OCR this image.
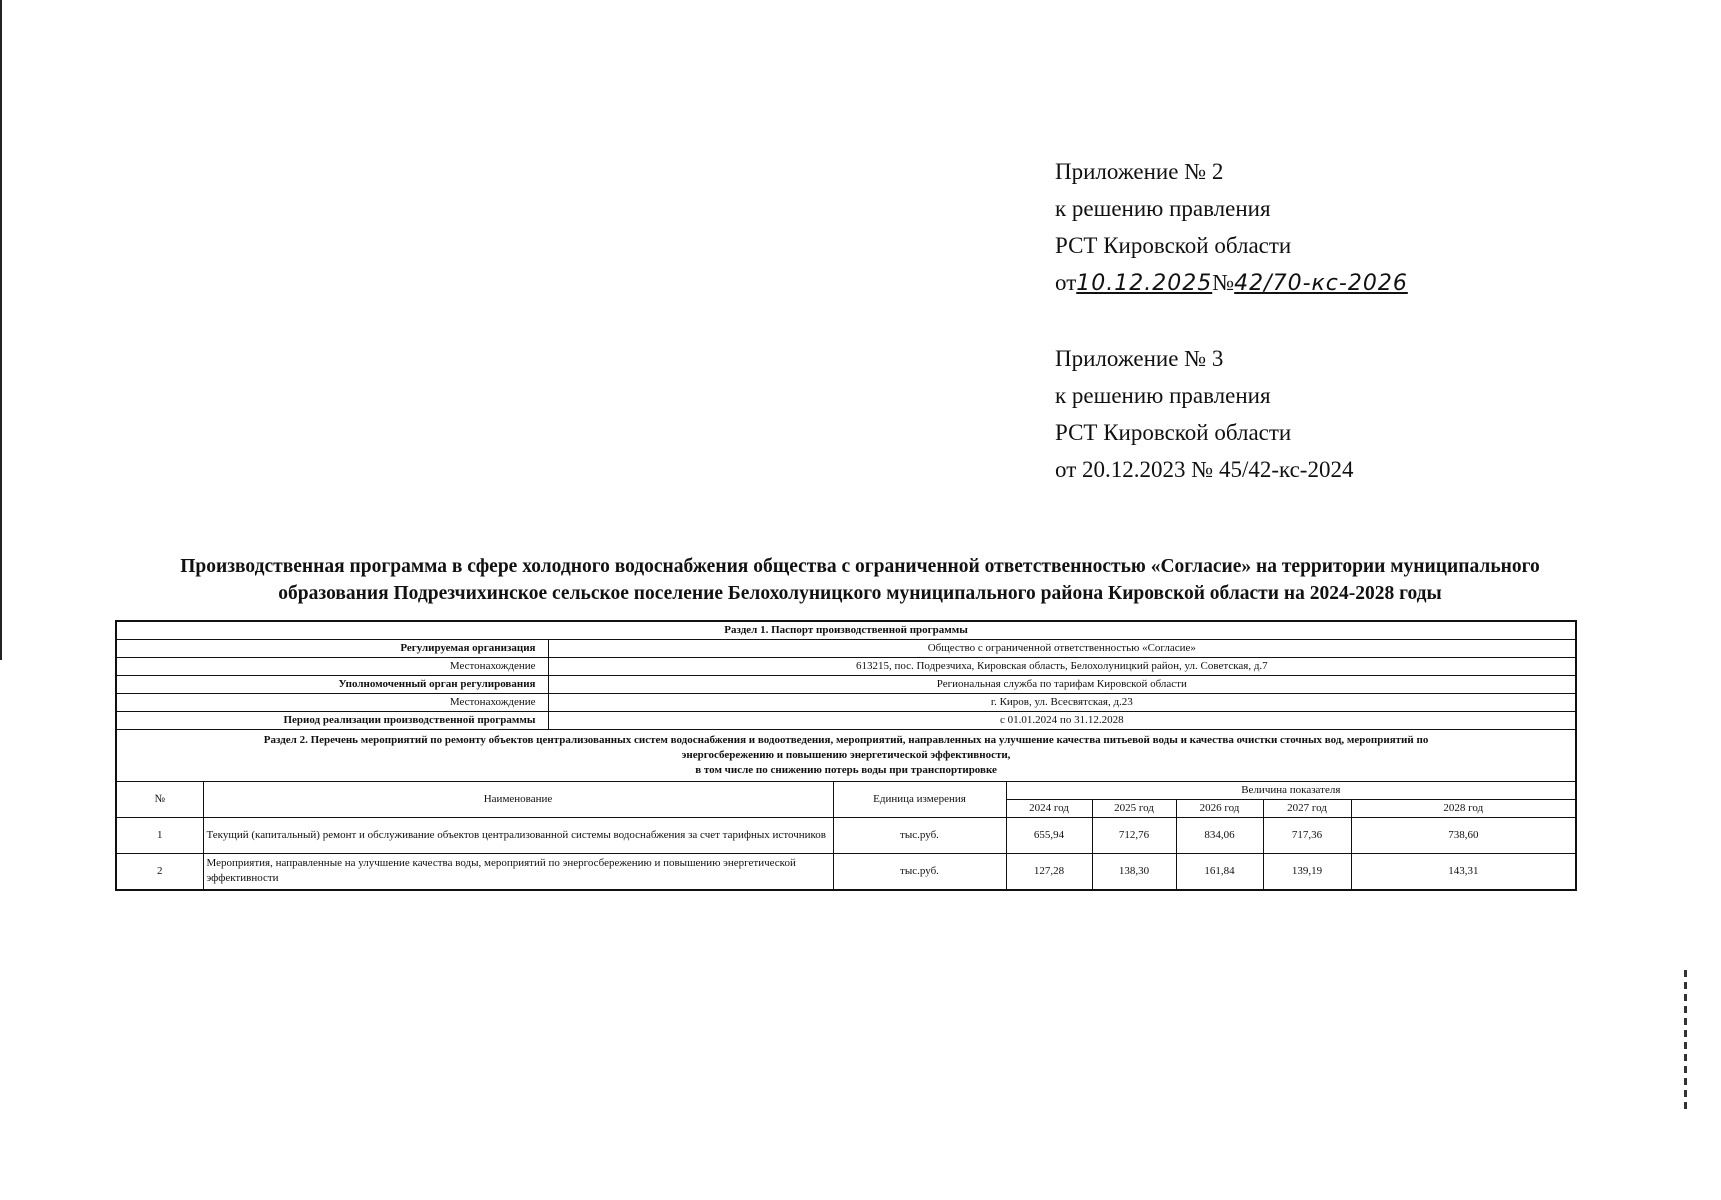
Приложение № 2
к решению правления
РСТ Кировской области
от10.12.2025№42/70-кс-2026
Приложение № 3
к решению правления
РСТ Кировской области
от 20.12.2023 № 45/42-кс-2024
Производственная программа в сфере холодного водоснабжения общества с ограниченной ответственностью «Согласие» на территории муниципального
образования Подрезчихинское сельское поселение Белохолуницкого муниципального района Кировской области на 2024-2028 годы
Раздел 1. Паспорт производственной программы								
Регулируемая организация		Общество с ограниченной ответственностью «Согласие»						
Местонахождение		613215, пос. Подрезчиха, Кировская область, Белохолуницкий район, ул. Советская, д.7						
Уполномоченный орган регулирования		Региональная служба по тарифам Кировской области						
Местонахождение		г. Киров, ул. Всесвятская, д.23						
Период реализации производственной программы		с 01.01.2024 по 31.12.2028						

Раздел 2. Перечень мероприятий по ремонту объектов централизованных систем водоснабжения и водоотведения, мероприятий, направленных на улучшение качества питьевой воды и качества очистки сточных вод, мероприятий по
энергосбережению и повышению энергетической эффективности,
в том числе по снижению потерь воды при транспортировке								

№	Наименование		Единица измерения	Величина показателя				
				2024 год	2025 год	2026 год	2027 год	2028 год
1	Текущий (капитальный) ремонт и обслуживание объектов централизованной системы водоснабжения за счет тарифных источников		тыс.руб.	655,94	712,76	834,06	717,36	738,60
2	Мероприятия, направленные на улучшение качества воды, мероприятий по энергосбережению и повышению энергетической эффективности		тыс.руб.	127,28	138,30	161,84	139,19	143,31
